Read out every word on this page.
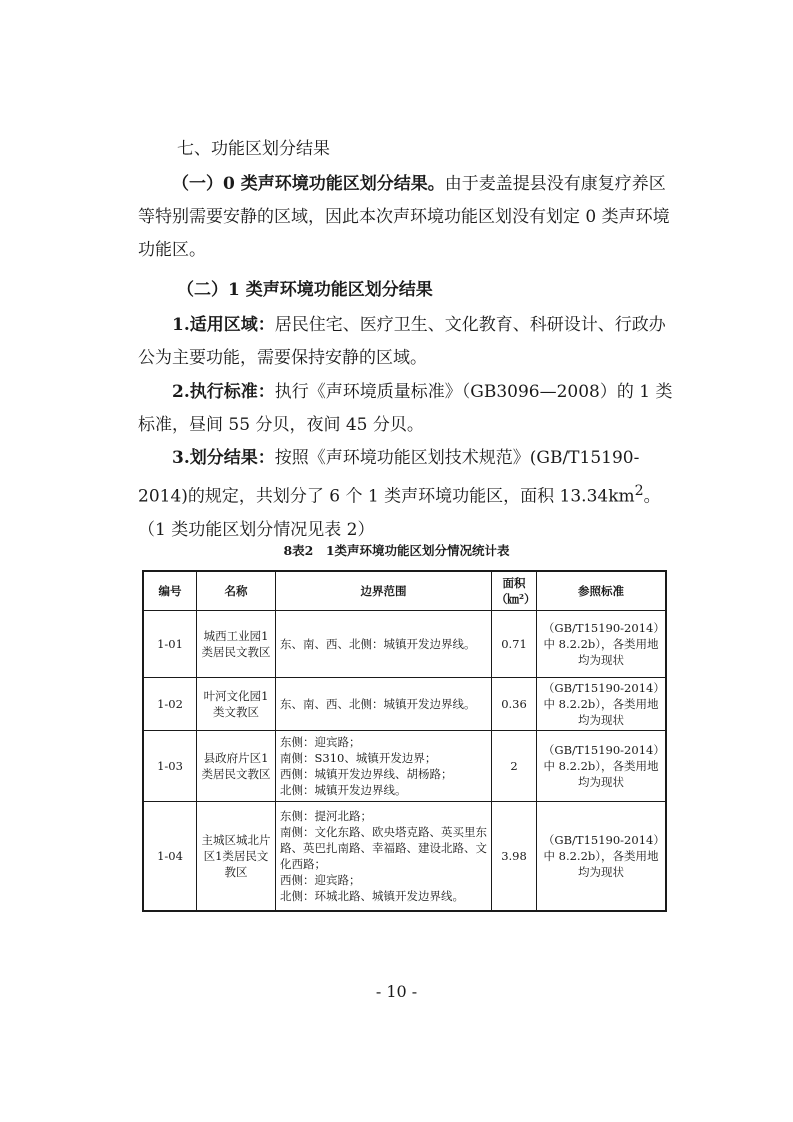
七、功能区划分结果

（一）0 类声环境功能区划分结果。由于麦盖提县没有康复疗养区等特别需要安静的区域，因此本次声环境功能区划没有划定 0 类声环境功能区。

（二）1 类声环境功能区划分结果

1.适用区域：居民住宅、医疗卫生、文化教育、科研设计、行政办公为主要功能，需要保持安静的区域。

2.执行标准：执行《声环境质量标准》（GB3096—2008）的 1 类标准，昼间 55 分贝，夜间 45 分贝。

3.划分结果：按照《声环境功能区划技术规范》(GB/T15190-2014)的规定，共划分了 6 个 1 类声环境功能区，面积 $13.34km^2$。（1 类功能区划分情况见表 2）

8表2　1类声环境功能区划分情况统计表
编号	名称	边界范围	面积（㎞²）	参照标准
1-01	城西工业园1类居民文教区	东、南、西、北侧：城镇开发边界线。	0.71	（GB/T15190-2014）中 8.2.2b），各类用地均为现状
1-02	叶河文化园1类文教区	东、南、西、北侧：城镇开发边界线。	0.36	（GB/T15190-2014）中 8.2.2b），各类用地均为现状
1-03	县政府片区1类居民文教区	东侧：迎宾路；
南侧：S310、城镇开发边界；
西侧：城镇开发边界线、胡杨路；
北侧：城镇开发边界线。	2	（GB/T15190-2014）中 8.2.2b），各类用地均为现状
1-04	主城区城北片区1类居民文教区	东侧：提河北路；
南侧：文化东路、欧央塔克路、英买里东路、英巴扎南路、幸福路、建设北路、文化西路；
西侧：迎宾路；
北侧：环城北路、城镇开发边界线。	3.98	（GB/T15190-2014）中 8.2.2b），各类用地均为现状
- 10 -
